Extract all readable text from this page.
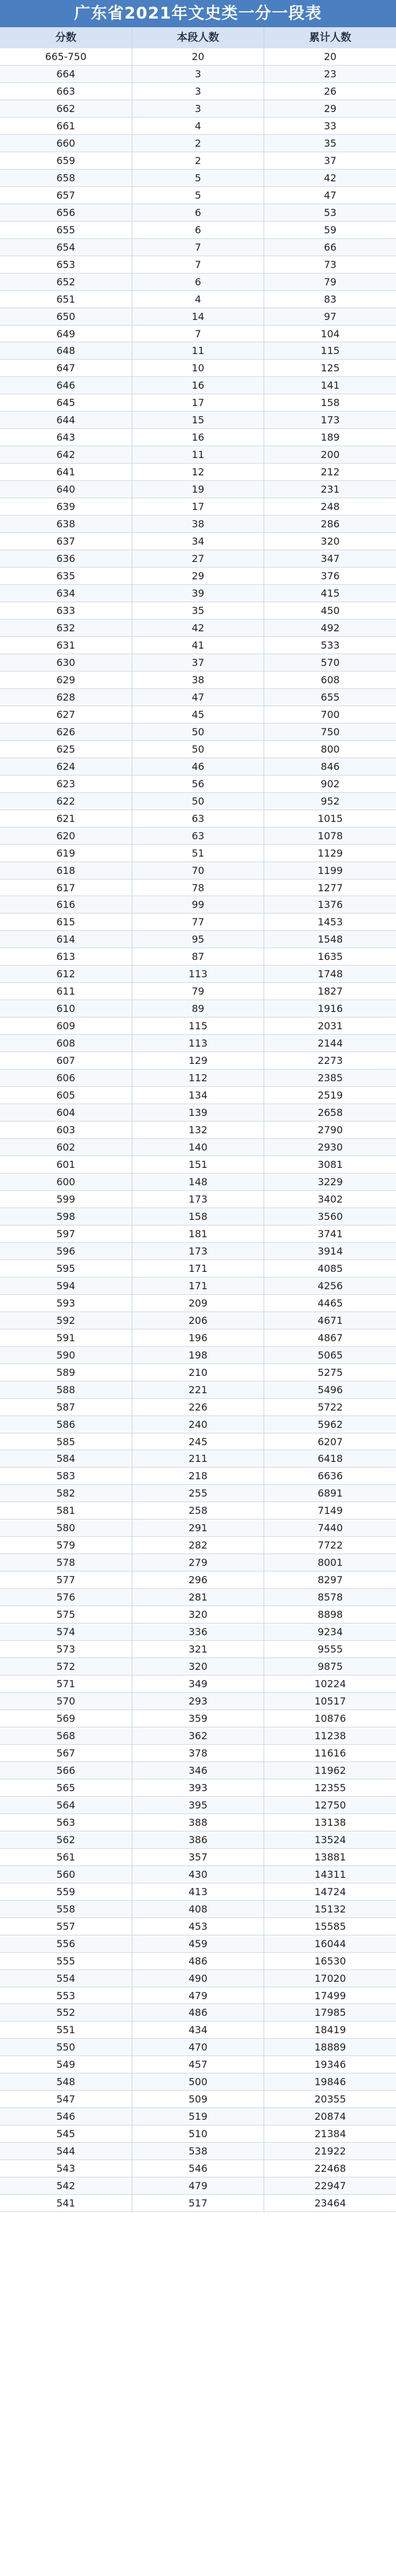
广东省2021年文史类一分一段表
分数	本段人数	累计人数
665-750	20	20
664	3	23
663	3	26
662	3	29
661	4	33
660	2	35
659	2	37
658	5	42
657	5	47
656	6	53
655	6	59
654	7	66
653	7	73
652	6	79
651	4	83
650	14	97
649	7	104
648	11	115
647	10	125
646	16	141
645	17	158
644	15	173
643	16	189
642	11	200
641	12	212
640	19	231
639	17	248
638	38	286
637	34	320
636	27	347
635	29	376
634	39	415
633	35	450
632	42	492
631	41	533
630	37	570
629	38	608
628	47	655
627	45	700
626	50	750
625	50	800
624	46	846
623	56	902
622	50	952
621	63	1015
620	63	1078
619	51	1129
618	70	1199
617	78	1277
616	99	1376
615	77	1453
614	95	1548
613	87	1635
612	113	1748
611	79	1827
610	89	1916
609	115	2031
608	113	2144
607	129	2273
606	112	2385
605	134	2519
604	139	2658
603	132	2790
602	140	2930
601	151	3081
600	148	3229
599	173	3402
598	158	3560
597	181	3741
596	173	3914
595	171	4085
594	171	4256
593	209	4465
592	206	4671
591	196	4867
590	198	5065
589	210	5275
588	221	5496
587	226	5722
586	240	5962
585	245	6207
584	211	6418
583	218	6636
582	255	6891
581	258	7149
580	291	7440
579	282	7722
578	279	8001
577	296	8297
576	281	8578
575	320	8898
574	336	9234
573	321	9555
572	320	9875
571	349	10224
570	293	10517
569	359	10876
568	362	11238
567	378	11616
566	346	11962
565	393	12355
564	395	12750
563	388	13138
562	386	13524
561	357	13881
560	430	14311
559	413	14724
558	408	15132
557	453	15585
556	459	16044
555	486	16530
554	490	17020
553	479	17499
552	486	17985
551	434	18419
550	470	18889
549	457	19346
548	500	19846
547	509	20355
546	519	20874
545	510	21384
544	538	21922
543	546	22468
542	479	22947
541	517	23464
